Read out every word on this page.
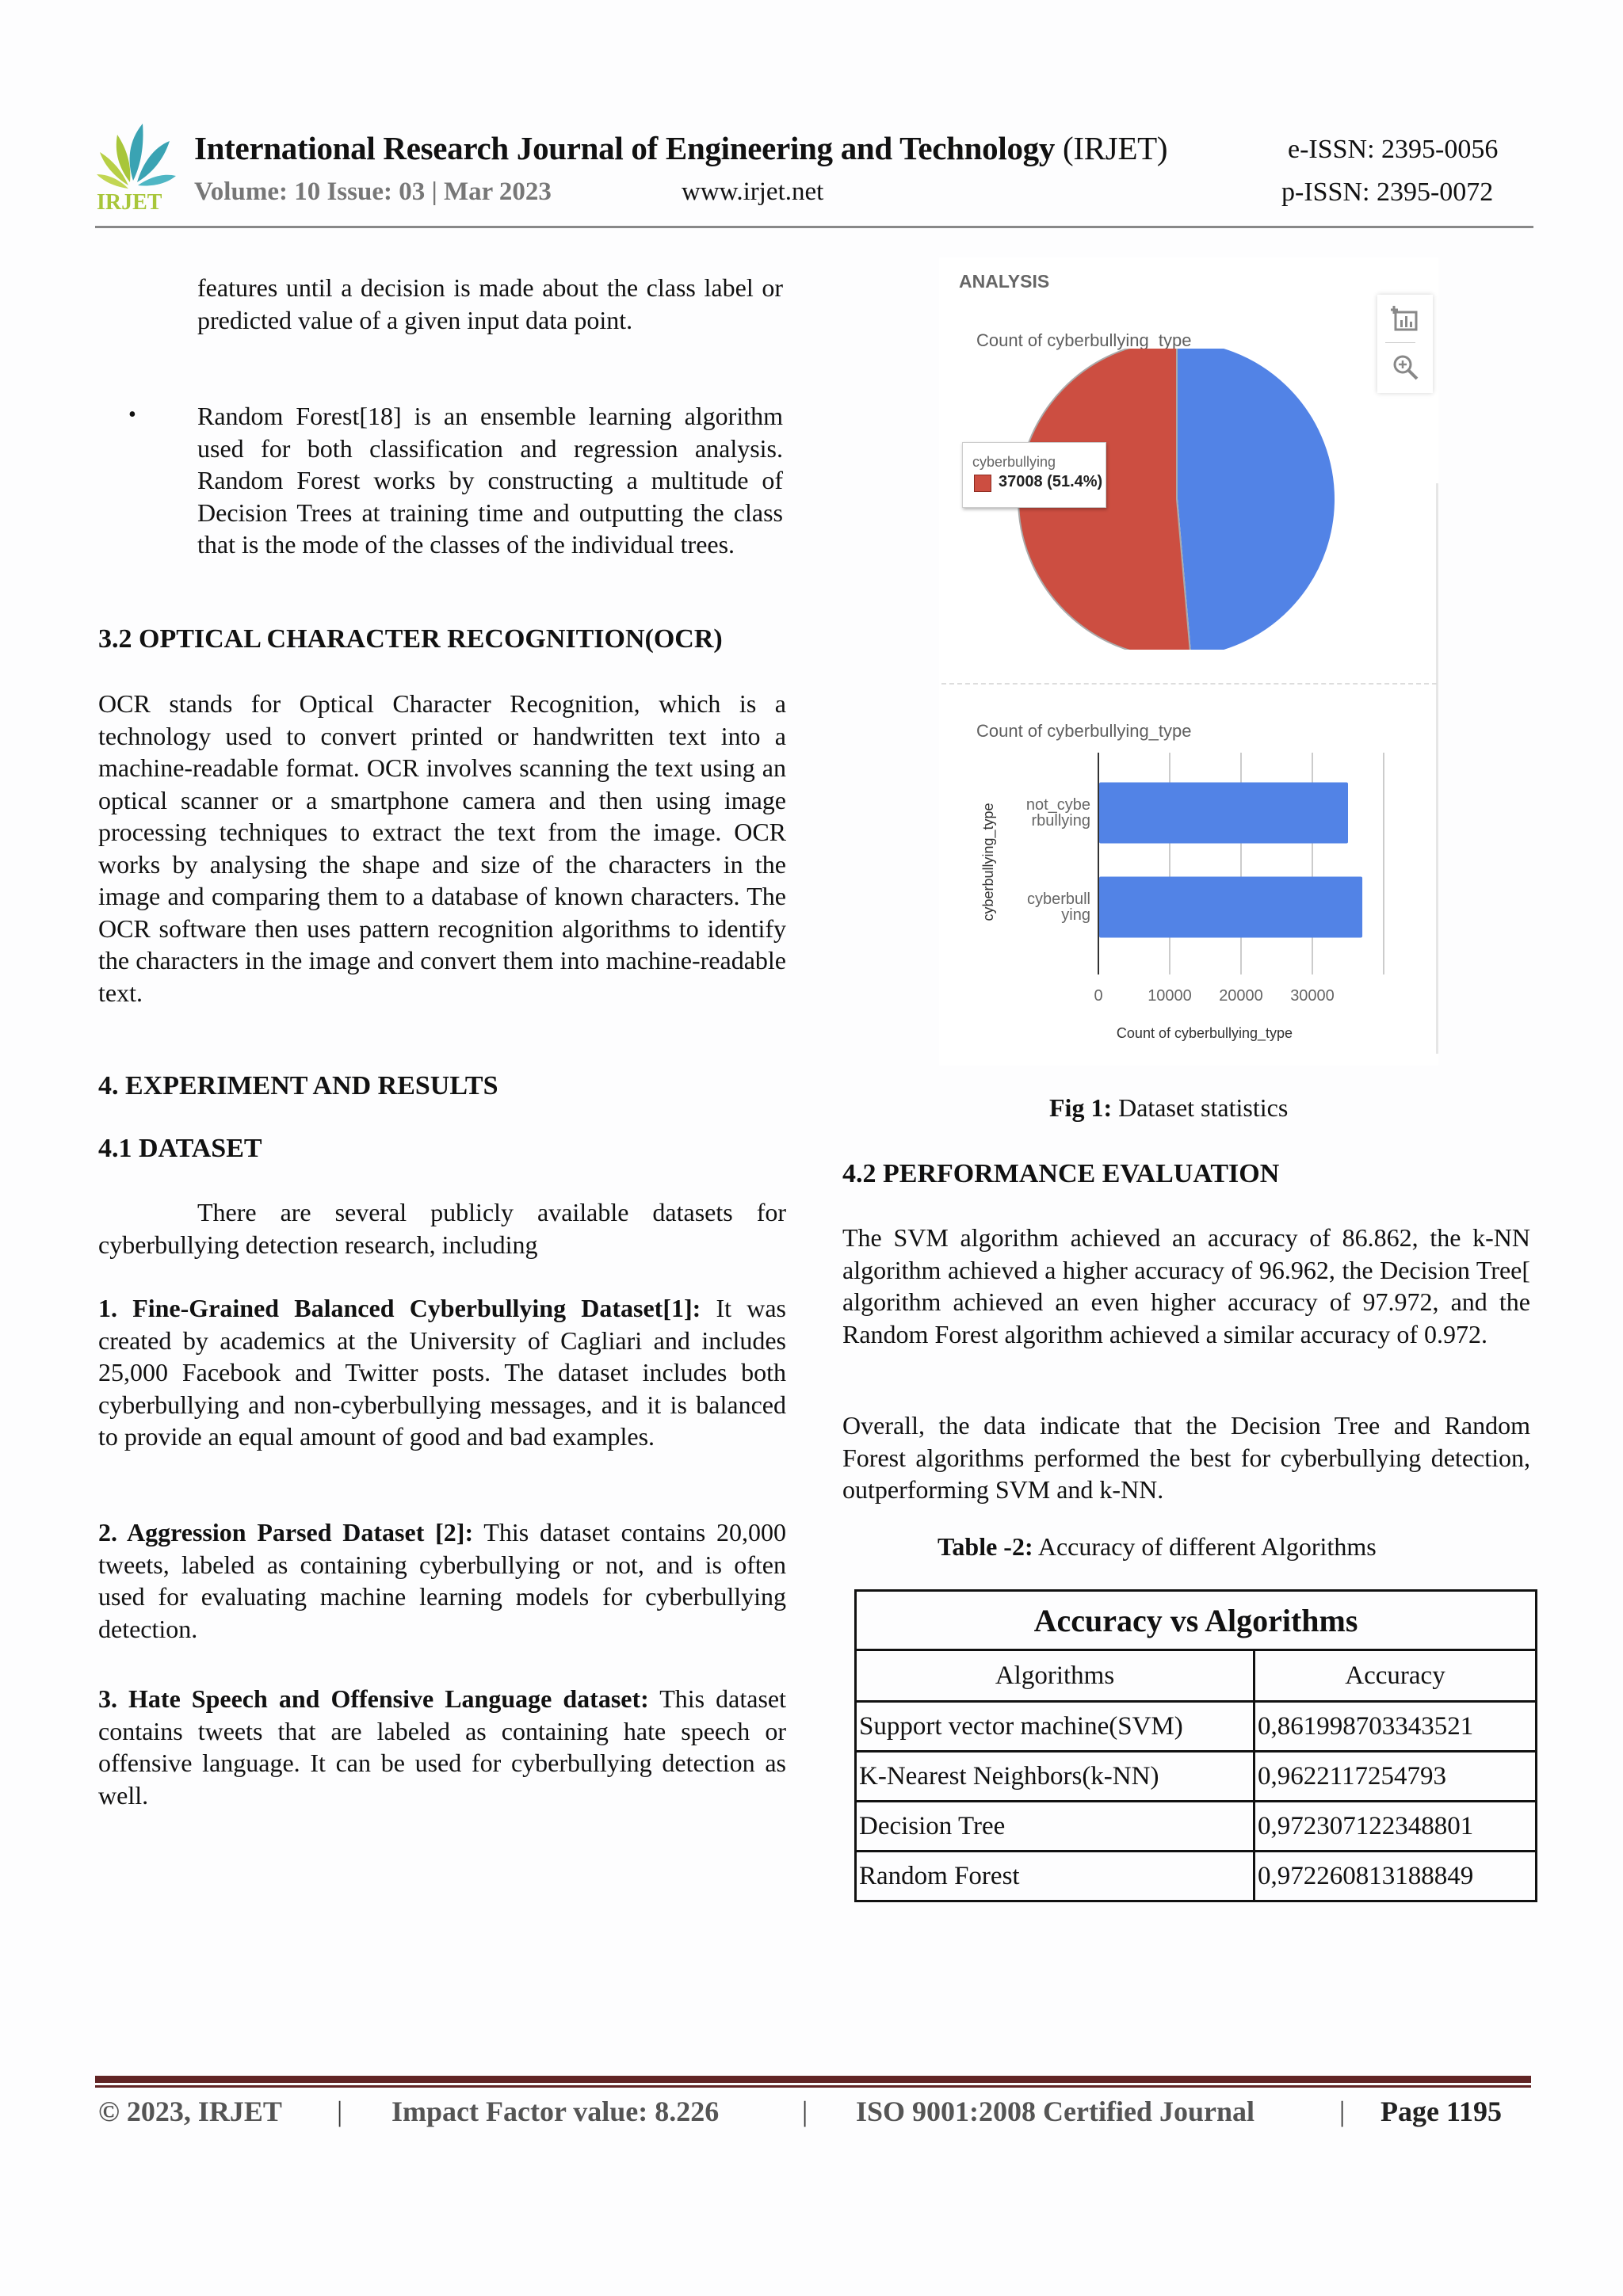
IRJET
International Research Journal of Engineering and Technology (IRJET)	e-ISSN: 2395-0056
Volume: 10 Issue: 03 | Mar 2023	www.irjet.net	p-ISSN: 2395-0072
features until a decision is made about the class label or predicted value of a given input data point.
• Random Forest[18] is an ensemble learning algorithm used for both classification and regression analysis. Random Forest works by constructing a multitude of Decision Trees at training time and outputting the class that is the mode of the classes of the individual trees.
3.2 OPTICAL CHARACTER RECOGNITION(OCR)
OCR stands for Optical Character Recognition, which is a technology used to convert printed or handwritten text into a machine-readable format. OCR involves scanning the text using an optical scanner or a smartphone camera and then using image processing techniques to extract the text from the image. OCR works by analysing the shape and size of the characters in the image and comparing them to a database of known characters. The OCR software then uses pattern recognition algorithms to identify the characters in the image and convert them into machine-readable text.
4. EXPERIMENT AND RESULTS
4.1 DATASET
There are several publicly available datasets for cyberbullying detection research, including
1. Fine-Grained Balanced Cyberbullying Dataset[1]: It was created by academics at the University of Cagliari and includes 25,000 Facebook and Twitter posts. The dataset includes both cyberbullying and non-cyberbullying messages, and it is balanced to provide an equal amount of good and bad examples.
2. Aggression Parsed Dataset [2]: This dataset contains 20,000 tweets, labeled as containing cyberbullying or not, and is often used for evaluating machine learning models for cyberbullying detection.
3. Hate Speech and Offensive Language dataset: This dataset contains tweets that are labeled as containing hate speech or offensive language. It can be used for cyberbullying detection as well.
ANALYSIS
Count of cyberbullying_type
cyberbullying
37008 (51.4%)
Count of cyberbullying_type
not_cybe
rbullying
cyberbull
ying
0	10000 20000 30000
Count of cyberbullying_type
cyberbullying_type
Fig 1: Dataset statistics
4.2 PERFORMANCE EVALUATION
The SVM algorithm achieved an accuracy of 86.862, the k-NN algorithm achieved a higher accuracy of 96.962, the Decision Tree[ algorithm achieved an even higher accuracy of 97.972, and the Random Forest algorithm achieved a similar accuracy of 0.972.
Overall, the data indicate that the Decision Tree and Random Forest algorithms performed the best for cyberbullying detection, outperforming SVM and k-NN.
Table -2: Accuracy of different Algorithms
Accuracy vs Algorithms	
Algorithms	Accuracy
Support vector machine(SVM)	0,861998703343521
K-Nearest Neighbors(k-NN)	0,9622117254793
Decision Tree	0,972307122348801
Random Forest	0,972260813188849
© 2023, IRJET | Impact Factor value: 8.226	| ISO 9001:2008 Certified Journal	| Page 1195
